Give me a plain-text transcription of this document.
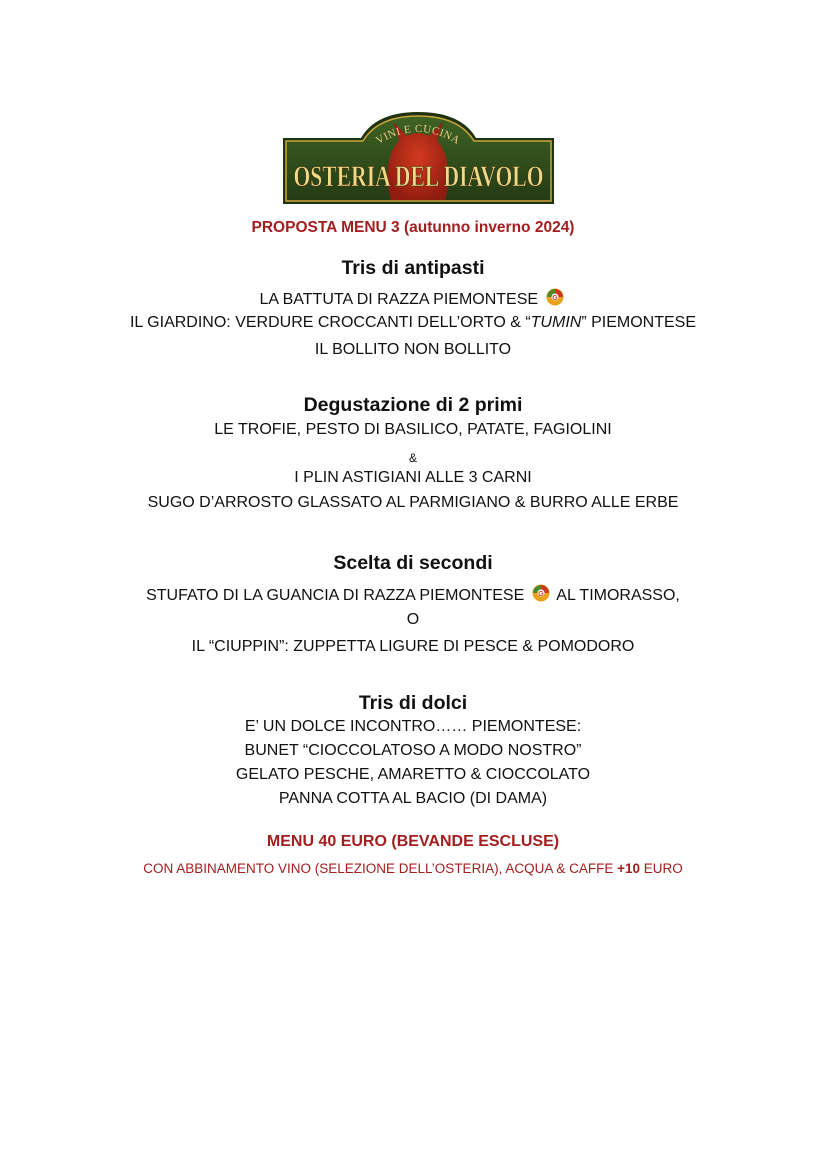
VINI E CUCINA
OSTERIA DEL DIAVOLO
PROPOSTA MENU 3 (autunno inverno 2024)
Tris di antipasti
LA BATTUTA DI RAZZA PIEMONTESE G
IL GIARDINO: VERDURE CROCCANTI DELL’ORTO & “TUMIN” PIEMONTESE
IL BOLLITO NON BOLLITO
Degustazione di 2 primi
LE TROFIE, PESTO DI BASILICO, PATATE, FAGIOLINI
&
I PLIN ASTIGIANI ALLE 3 CARNI
SUGO D’ARROSTO GLASSATO AL PARMIGIANO & BURRO ALLE ERBE
Scelta di secondi
STUFATO DI LA GUANCIA DI RAZZA PIEMONTESE G AL TIMORASSO,
O
IL “CIUPPIN”: ZUPPETTA LIGURE DI PESCE & POMODORO
Tris di dolci
E’ UN DOLCE INCONTRO…… PIEMONTESE:
BUNET “CIOCCOLATOSO A MODO NOSTRO”
GELATO PESCHE, AMARETTO & CIOCCOLATO
PANNA COTTA AL BACIO (DI DAMA)
MENU 40 EURO (BEVANDE ESCLUSE)
CON ABBINAMENTO VINO (SELEZIONE DELL’OSTERIA), ACQUA & CAFFE +10 EURO
